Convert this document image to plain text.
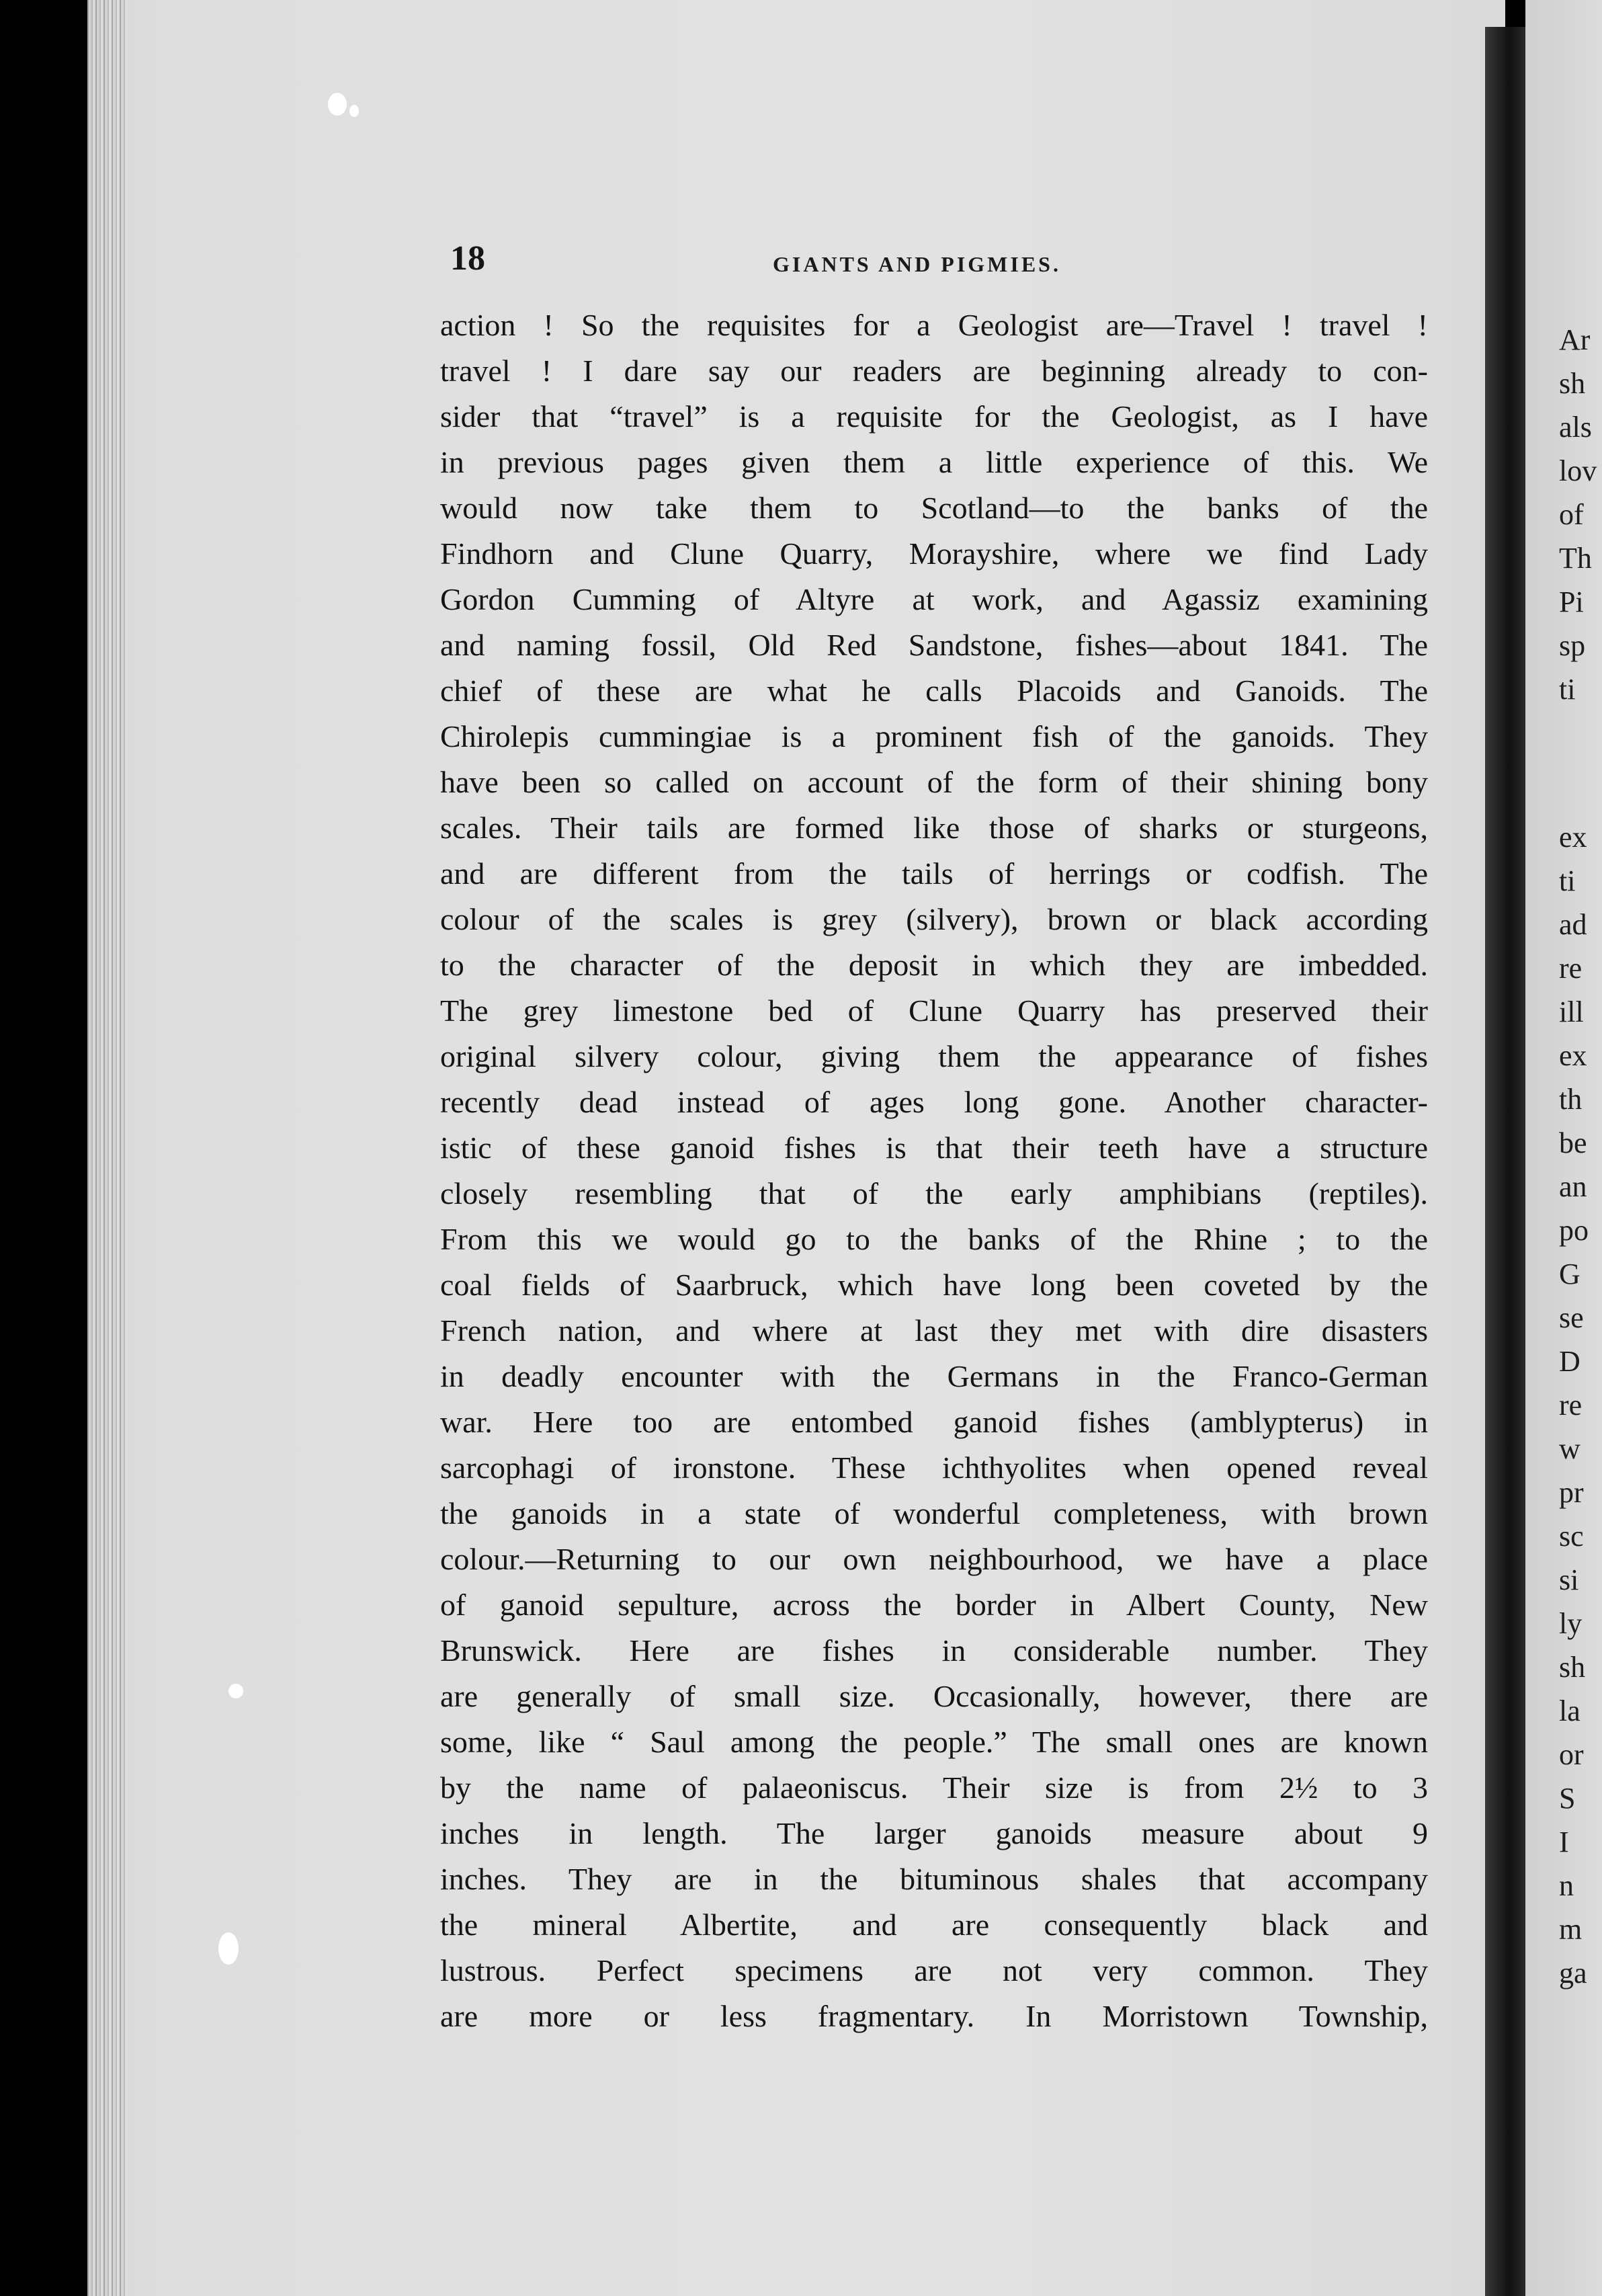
Ar
sh
als
lov
of
Th
Pi
sp
ti
ex
ti
ad
re
ill
ex
th
be
an
po
G
se
D
re
w
pr
sc
si
ly
sh
la
or
S
I
n
m
ga
18	GIANTS AND PIGMIES.
action ! So the requisites for a Geologist are—Travel ! travel !
travel ! I dare say our readers are beginning already to con-
sider that “travel” is a requisite for the Geologist, as I have
in previous pages given them a little experience of this. We
would now take them to Scotland—to the banks of the
Findhorn and Clune Quarry, Morayshire, where we find Lady
Gordon Cumming of Altyre at work, and Agassiz examining
and naming fossil, Old Red Sandstone, fishes—about 1841. The
chief of these are what he calls Placoids and Ganoids. The
Chirolepis cummingiae is a prominent fish of the ganoids. They
have been so called on account of the form of their shining bony
scales. Their tails are formed like those of sharks or sturgeons,
and are different from the tails of herrings or codfish. The
colour of the scales is grey (silvery), brown or black according
to the character of the deposit in which they are imbedded.
The grey limestone bed of Clune Quarry has preserved their
original silvery colour, giving them the appearance of fishes
recently dead instead of ages long gone. Another character-
istic of these ganoid fishes is that their teeth have a structure
closely resembling that of the early amphibians (reptiles).
From this we would go to the banks of the Rhine ; to the
coal fields of Saarbruck, which have long been coveted by the
French nation, and where at last they met with dire disasters
in deadly encounter with the Germans in the Franco-German
war. Here too are entombed ganoid fishes (amblypterus) in
sarcophagi of ironstone. These ichthyolites when opened reveal
the ganoids in a state of wonderful completeness, with brown
colour.—Returning to our own neighbourhood, we have a place
of ganoid sepulture, across the border in Albert County, New
Brunswick. Here are fishes in considerable number. They
are generally of small size. Occasionally, however, there are
some, like “ Saul among the people.” The small ones are known
by the name of palaeoniscus. Their size is from 2½ to 3
inches in length. The larger ganoids measure about 9
inches. They are in the bituminous shales that accompany
the mineral Albertite, and are consequently black and
lustrous. Perfect specimens are not very common. They
are more or less fragmentary. In Morristown Township,
